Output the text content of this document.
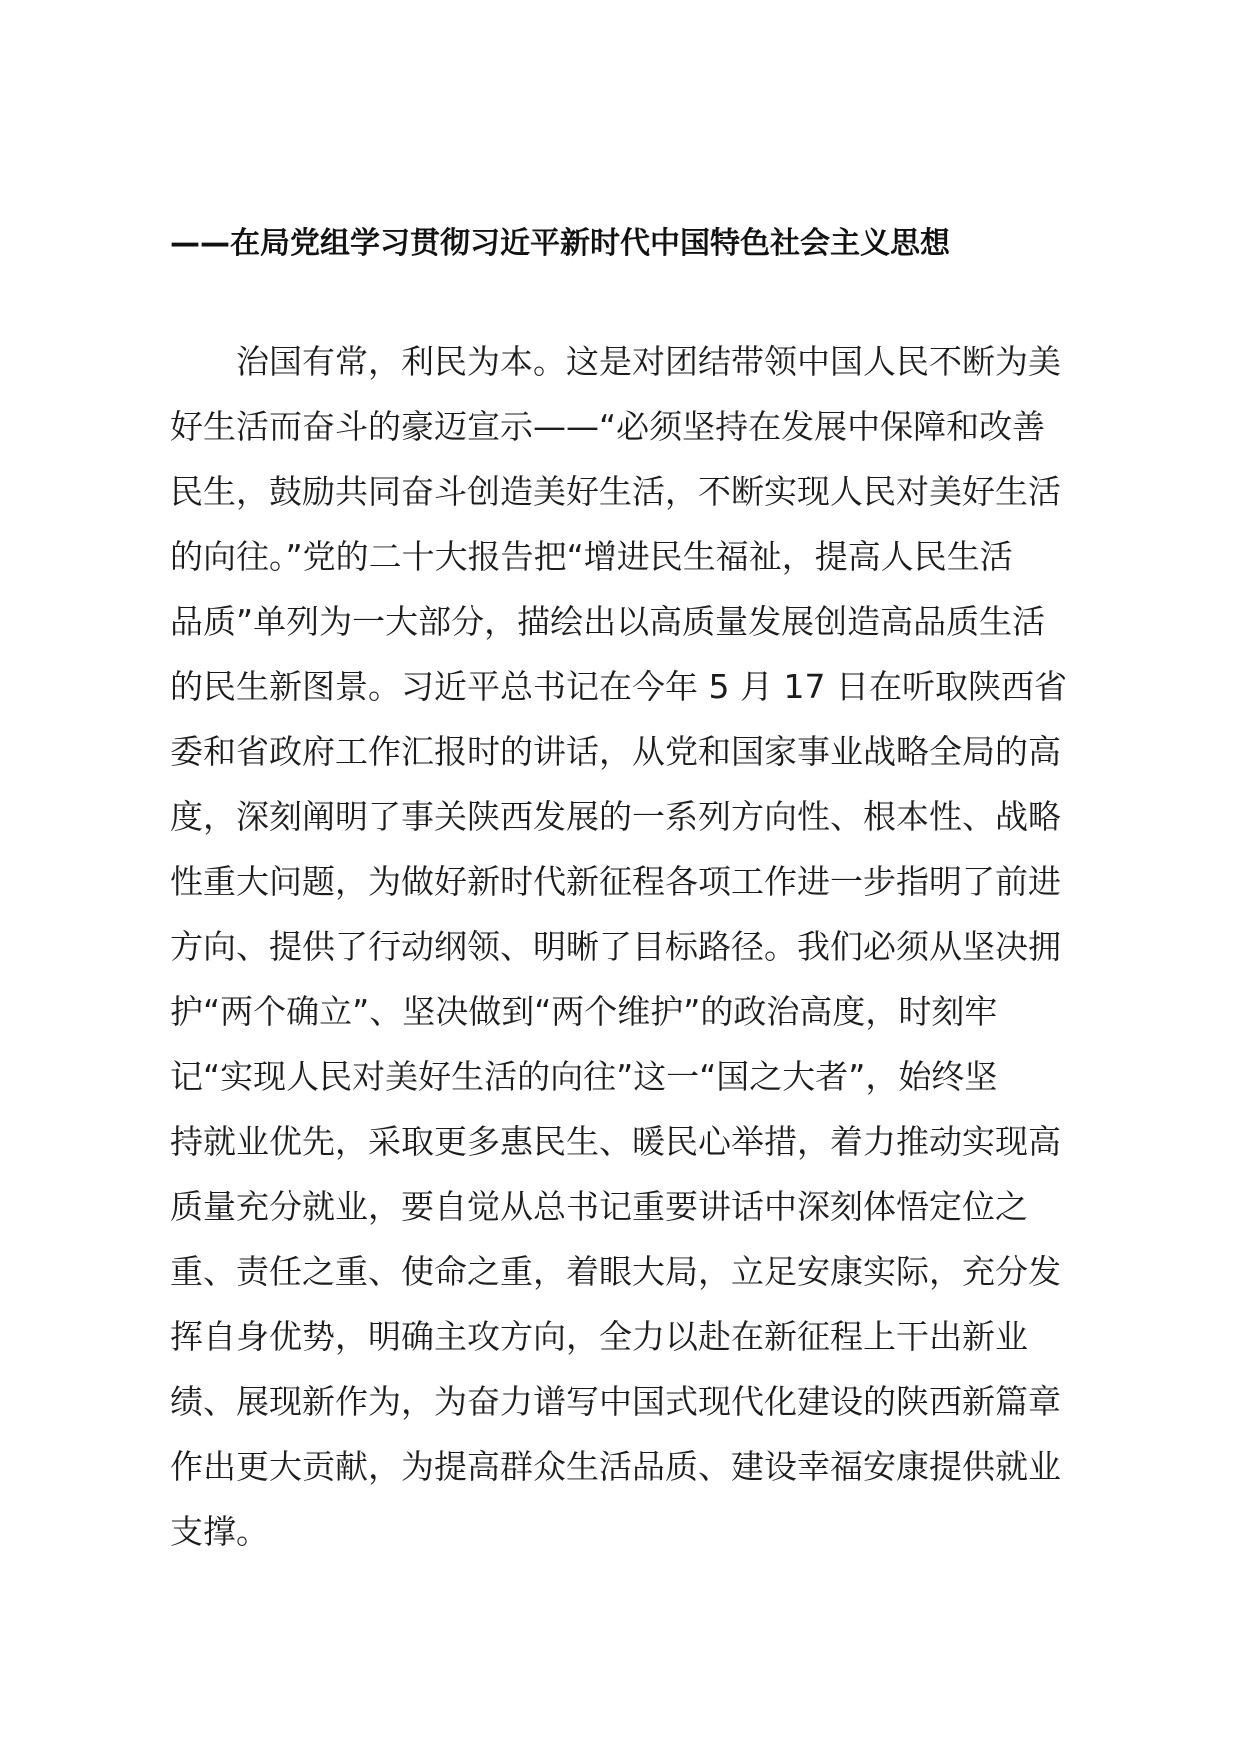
——在局党组学习贯彻习近平新时代中国特色社会主义思想
治国有常，利民为本。这是对团结带领中国人民不断为美
好生活而奋斗的豪迈宣示——“必须坚持在发展中保障和改善
民生，鼓励共同奋斗创造美好生活，不断实现人民对美好生活
的向往。”党的二十大报告把“增进民生福祉，提高人民生活
品质”单列为一大部分，描绘出以高质量发展创造高品质生活
的民生新图景。习近平总书记在今年 5 月 17 日在听取陕西省
委和省政府工作汇报时的讲话，从党和国家事业战略全局的高
度，深刻阐明了事关陕西发展的一系列方向性、根本性、战略
性重大问题，为做好新时代新征程各项工作进一步指明了前进
方向、提供了行动纲领、明晰了目标路径。我们必须从坚决拥
护“两个确立”、坚决做到“两个维护”的政治高度，时刻牢
记“实现人民对美好生活的向往”这一“国之大者”，始终坚
持就业优先，采取更多惠民生、暖民心举措，着力推动实现高
质量充分就业，要自觉从总书记重要讲话中深刻体悟定位之
重、责任之重、使命之重，着眼大局，立足安康实际，充分发
挥自身优势，明确主攻方向，全力以赴在新征程上干出新业
绩、展现新作为，为奋力谱写中国式现代化建设的陕西新篇章
作出更大贡献，为提高群众生活品质、建设幸福安康提供就业
支撑。
